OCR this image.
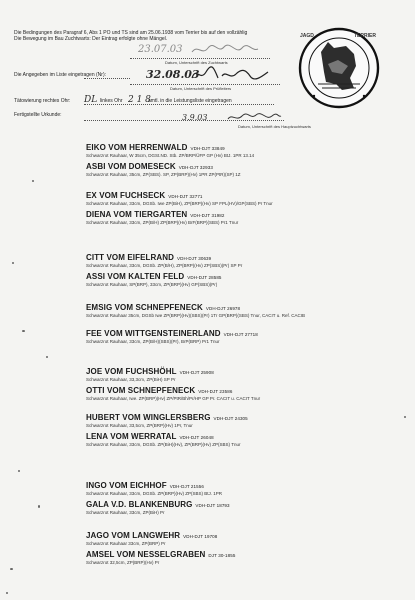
Die Bedingungen des Paragraf 6, Abs 1 PO und TS sind am 25.06.1938 vom Terrier bis auf den vollzählig
Die Bewegung im Bau Zuchtwarts: Der Eintrag erfolgte ohne Mängel.
23.07.03
Datum, Unterschrift des Zuchtwarts
Die Angegeben im Liste eingetragen (Nr):	32.08.03
Datum, Unterschrift des Prüfleiters
Tätowierung rechtes Ohr: DL linkes Ohr 2 1 8
amtl. in die Leistungsliste eingetragen
Fertigstellte Urkunde:	3.9.03
Datum, Unterschrift des Hauptzuchtwarts
JAGD	TERRIER
EIKO VOM HERRENWALD VDH-DJT 33849
Schwarzrot Rauhaar, W 35cm, DGSt.ND. Stb. ZP/BRP/ÜFP GP (Hv) BtJ. 1PR 13.14
ASBI VOM DOMESECK VDH-DJT 32933
Schwarzrot Rauhaar, 35cm, ZP(SBS). SP, ZP(BRP)(Hv) 1PR ZP(PtR)(SP) 1Z
EX VOM FUCHSECK VDH-DJT 32771
Schwarzrot Rauhaar, 33cm, DGSb. Iwe ZP(BiH), ZP(BRP)(Hv) SP FPL(HV)/GP(SBS) Pr Tnur
DIENA VOM TIERGARTEN VDH-DJT 31982
Schwarzrot Rauhaar, 33cm, ZP(B/H) ZP(BRP)(Hv) BrF(BRP)(SBS) Pr1 Tnur
CITT VOM EIFELRAND VDH-DJT 30639
Schwarzrot Rauhaar, 33cm, DGSb. ZP(B/H), ZP(BRP)(Hv) ZP(SBS)(Pr) SP Pr
ASSI VOM KALTEN FELD VDH-DJT 28585
Schwarzrot Rauhaar, SP(BRP), 33cm, ZP(BRP)(Hv) GP(SBS)(Pr)
EMSIG VOM SCHNEPFENECK VDH-DJT 26978
Schwarzrot Rauhaar 35cm, DGSb Iwe ZP(BRP)(Hv)(SBS)(Pr) 1Tr GP(BRP)(SBS) Tnur, CACIT u. Ref. CACIB
FEE VOM WITTGENSTEINERLAND VDH-DJT 27718
Schwarzrot Rauhaar, 33cm, ZP(B/H)(SBS)(Pr), BrP(BRP) Pr1 Tnur
JOE VOM FUCHSHÖHL VDH-DJT 25908
Schwarzrot Rauhaar, 33,3cm, ZP(BiH) SP Pr
OTTI VOM SCHNEPFENECK VDH-DJT 23586
Schwarzrot Rauhaar, Iwe. ZP(BRP)(Hv) ZP/PtR/Bh/Pr/HP GP Pr. CACIT u. CACIT Tnur
HUBERT VOM WINGLERSBERG VDH-DJT 24305
Schwarzrot Rauhaar, 33,5cm, ZP(BRP)(Hv) 1Pr, Tnur
LENA VOM WERRATAL VDH-DJT 26048
Schwarzrot Rauhaar, 33cm, DGSb. ZP(BiH)(Hv), ZP(BRP)(Hv) ZP(SBS) Tnur
INGO VOM EICHHOF VDH-DJT 21556
Schwarzrot Rauhaar, 33cm, DGSb. ZP(BRP)(Hv) ZP(SBS) BtJ. 1PR
GALA V.D. BLANKENBURG VDH-DJT 18793
Schwarzrot Rauhaar, 33cm, ZP(BiH) Pr
JAGO VOM LANGWEHR VDH-DJT 19708
Schwarzrot Rauhaar 33cm, ZP(BRP) Pr
AMSEL VOM NESSELGRABEN DJT 30-1855
Schwarzrot 32,5cm, ZP(BRP)(Hv) Pr
